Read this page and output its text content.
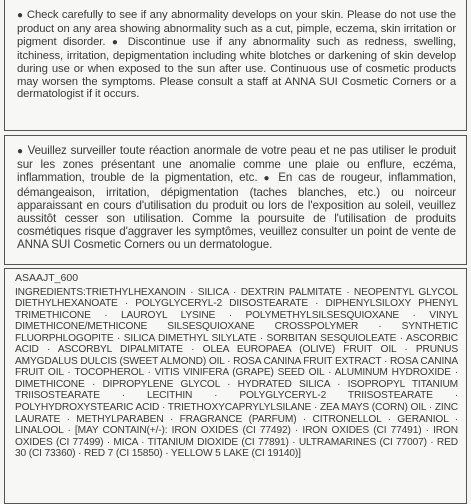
● Check carefully to see if any abnormality develops on your skin. Please do not use the product on any area showing abnormality such as a cut, pimple, eczema, skin irritation or pigment disorder. ● Discontinue use if any abnormality such as redness, swelling, itchiness, irritation, depigmentation including white blotches or darkening of skin develop during use or when exposed to the sun after use. Continuous use of cosmetic products may worsen the symptoms. Please consult a staff at ANNA SUI Cosmetic Corners or a dermatologist if it occurs.

● Veuillez surveiller toute réaction anormale de votre peau et ne pas utiliser le produit sur les zones présentant une anomalie comme une plaie ou enflure, eczéma, inflammation, trouble de la pigmentation, etc. ● En cas de rougeur, inflammation, démangeaison, irritation, dépigmentation (taches blanches, etc.) ou noirceur apparaissant en cours d'utilisation du produit ou lors de l'exposition au soleil, veuillez aussitôt cesser son utilisation. Comme la poursuite de l'utilisation de produits cosmétiques risque d'aggraver les symptômes, veuillez consulter un point de vente de ANNA SUI Cosmetic Corners ou un dermatologue.

ASAAJT_600

INGREDIENTS:TRIETHYLHEXANOIN · SILICA · DEXTRIN PALMITATE · NEOPENTYL GLYCOL DIETHYLHEXANOATE · POLYGLYCERYL-2 DIISOSTEARATE · DIPHENYLSILOXY PHENYL TRIMETHICONE · LAUROYL LYSINE · POLYMETHYLSILSESQUIOXANE · VINYL DIMETHICONE/METHICONE SILSESQUIOXANE CROSSPOLYMER · SYNTHETIC FLUORPHLOGOPITE · SILICA DIMETHYL SILYLATE · SORBITAN SESQUIOLEATE · ASCORBIC ACID · ASCORBYL DIPALMITATE · OLEA EUROPAEA (OLIVE) FRUIT OIL · PRUNUS AMYGDALUS DULCIS (SWEET ALMOND) OIL · ROSA CANINA FRUIT EXTRACT · ROSA CANINA FRUIT OIL · TOCOPHEROL · VITIS VINIFERA (GRAPE) SEED OIL · ALUMINUM HYDROXIDE · DIMETHICONE · DIPROPYLENE GLYCOL · HYDRATED SILICA · ISOPROPYL TITANIUM TRIISOSTEARATE · LECITHIN · POLYGLYCERYL-2 TRIISOSTEARATE · POLYHYDROXYSTEARIC ACID · TRIETHOXYCAPRYLYLSILANE · ZEA MAYS (CORN) OIL · ZINC LAURATE · METHYLPARABEN · FRAGRANCE (PARFUM) · CITRONELLOL · GERANIOL · LINALOOL · [MAY CONTAIN(+/-): IRON OXIDES (CI 77492) · IRON OXIDES (CI 77491) · IRON OXIDES (CI 77499) · MICA · TITANIUM DIOXIDE (CI 77891) · ULTRAMARINES (CI 77007) · RED 30 (CI 73360) · RED 7 (CI 15850) · YELLOW 5 LAKE (CI 19140)]
